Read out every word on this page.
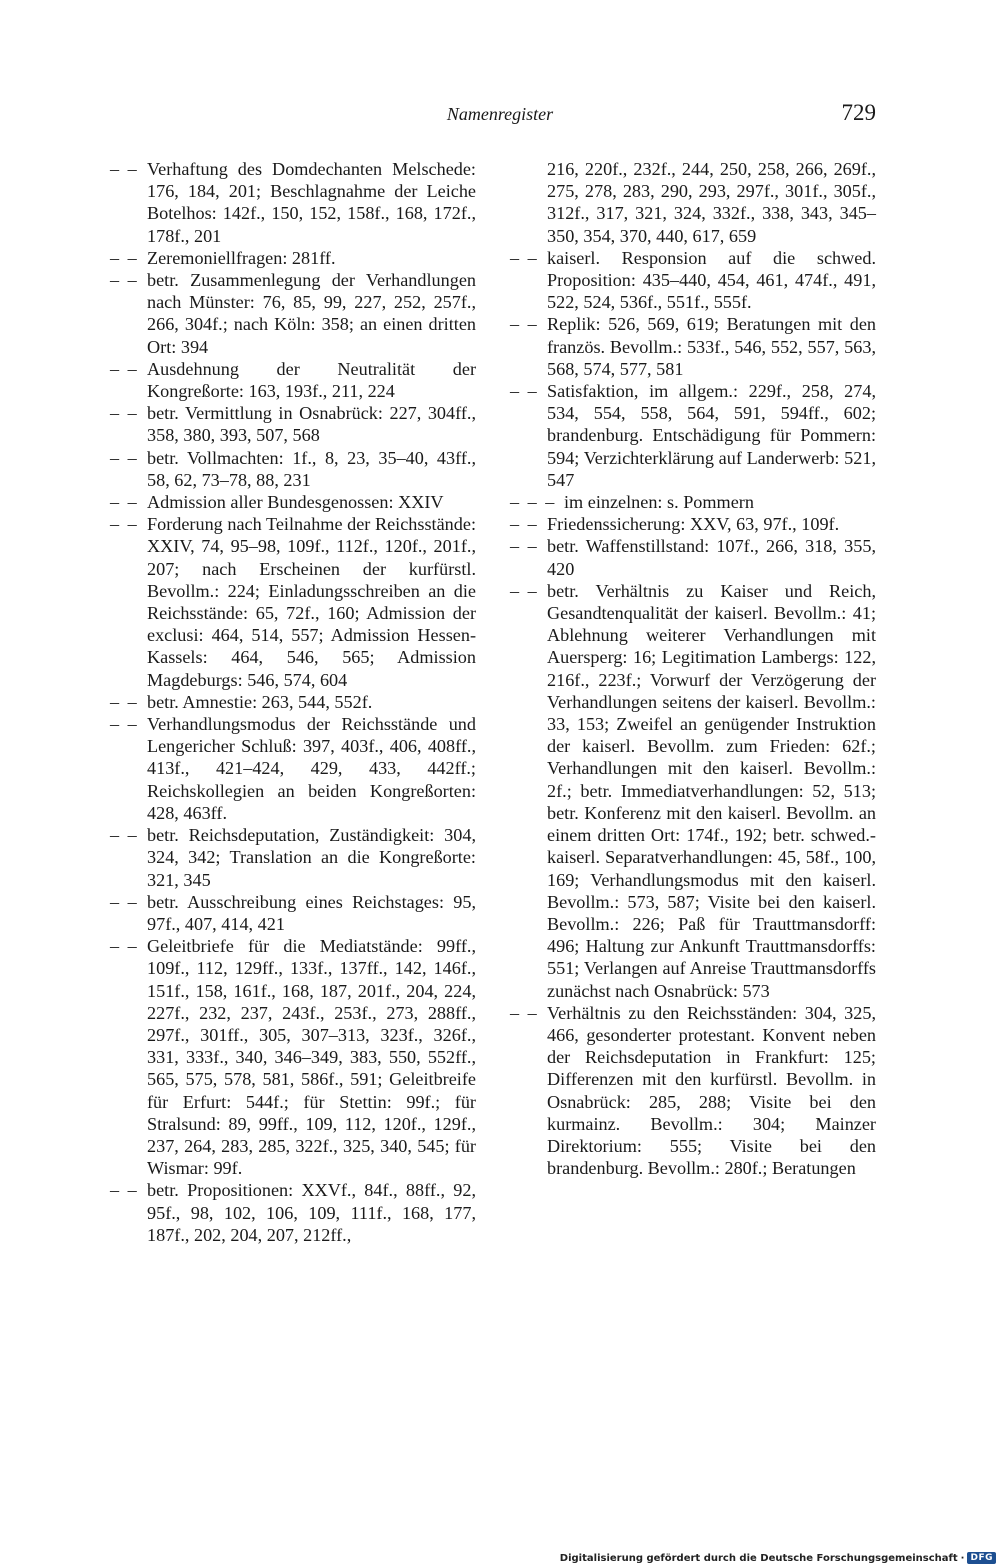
Namenregister	729
– – Verhaftung des Domdechanten Melschede: 176, 184, 201; Beschlagnahme der Leiche Botelhos: 142f., 150, 152, 158f., 168, 172f., 178f., 201
– – Zeremoniellfragen: 281ff.
– – betr. Zusammenlegung der Verhandlungen nach Münster: 76, 85, 99, 227, 252, 257f., 266, 304f.; nach Köln: 358; an einen dritten Ort: 394
– – Ausdehnung der Neutralität der Kongreßorte: 163, 193f., 211, 224
– – betr. Vermittlung in Osnabrück: 227, 304ff., 358, 380, 393, 507, 568
– – betr. Vollmachten: 1f., 8, 23, 35–40, 43ff., 58, 62, 73–78, 88, 231
– – Admission aller Bundesgenossen: XXIV
– – Forderung nach Teilnahme der Reichsstände: XXIV, 74, 95–98, 109f., 112f., 120f., 201f., 207; nach Erscheinen der kurfürstl. Bevollm.: 224; Einladungsschreiben an die Reichsstände: 65, 72f., 160; Admission der exclusi: 464, 514, 557; Admission Hessen-Kassels: 464, 546, 565; Admission Magdeburgs: 546, 574, 604
– – betr. Amnestie: 263, 544, 552f.
– – Verhandlungsmodus der Reichsstände und Lengericher Schluß: 397, 403f., 406, 408ff., 413f., 421–424, 429, 433, 442ff.; Reichskollegien an beiden Kongreßorten: 428, 463ff.
– – betr. Reichsdeputation, Zuständigkeit: 304, 324, 342; Translation an die Kongreßorte: 321, 345
– – betr. Ausschreibung eines Reichstages: 95, 97f., 407, 414, 421
– – Geleitbriefe für die Mediatstände: 99ff., 109f., 112, 129ff., 133f., 137ff., 142, 146f., 151f., 158, 161f., 168, 187, 201f., 204, 224, 227f., 232, 237, 243f., 253f., 273, 288ff., 297f., 301ff., 305, 307–313, 323f., 326f., 331, 333f., 340, 346–349, 383, 550, 552ff., 565, 575, 578, 581, 586f., 591; Geleitbreife für Erfurt: 544f.; für Stettin: 99f.; für Stralsund: 89, 99ff., 109, 112, 120f., 129f., 237, 264, 283, 285, 322f., 325, 340, 545; für Wismar: 99f.
– – betr. Propositionen: XXVf., 84f., 88ff., 92, 95f., 98, 102, 106, 109, 111f., 168, 177, 187f., 202, 204, 207, 212ff.,
216, 220f., 232f., 244, 250, 258, 266, 269f., 275, 278, 283, 290, 293, 297f., 301f., 305f., 312f., 317, 321, 324, 332f., 338, 343, 345–350, 354, 370, 440, 617, 659
– – kaiserl. Responsion auf die schwed. Proposition: 435–440, 454, 461, 474f., 491, 522, 524, 536f., 551f., 555f.
– – Replik: 526, 569, 619; Beratungen mit den französ. Bevollm.: 533f., 546, 552, 557, 563, 568, 574, 577, 581
– – Satisfaktion, im allgem.: 229f., 258, 274, 534, 554, 558, 564, 591, 594ff., 602; brandenburg. Entschädigung für Pommern: 594; Verzichterklärung auf Landerwerb: 521, 547
– – – im einzelnen: s. Pommern
– – Friedenssicherung: XXV, 63, 97f., 109f.
– – betr. Waffenstillstand: 107f., 266, 318, 355, 420
– – betr. Verhältnis zu Kaiser und Reich, Gesandtenqualität der kaiserl. Bevollm.: 41; Ablehnung weiterer Verhandlungen mit Auersperg: 16; Legitimation Lambergs: 122, 216f., 223f.; Vorwurf der Verzögerung der Verhandlungen seitens der kaiserl. Bevollm.: 33, 153; Zweifel an genügender Instruktion der kaiserl. Bevollm. zum Frieden: 62f.; Verhandlungen mit den kaiserl. Bevollm.: 2f.; betr. Immediatverhandlungen: 52, 513; betr. Konferenz mit den kaiserl. Bevollm. an einem dritten Ort: 174f., 192; betr. schwed.-kaiserl. Separatverhandlungen: 45, 58f., 100, 169; Verhandlungsmodus mit den kaiserl. Bevollm.: 573, 587; Visite bei den kaiserl. Bevollm.: 226; Paß für Trauttmansdorff: 496; Haltung zur Ankunft Trauttmansdorffs: 551; Verlangen auf Anreise Trauttmansdorffs zunächst nach Osnabrück: 573
– – Verhältnis zu den Reichsständen: 304, 325, 466, gesonderter protestant. Konvent neben der Reichsdeputation in Frankfurt: 125; Differenzen mit den kurfürstl. Bevollm. in Osnabrück: 285, 288; Visite bei den kurmainz. Bevollm.: 304; Mainzer Direktorium: 555; Visite bei den brandenburg. Bevollm.: 280f.; Beratungen
Digitalisierung gefördert durch die Deutsche Forschungsgemeinschaft · DFG
